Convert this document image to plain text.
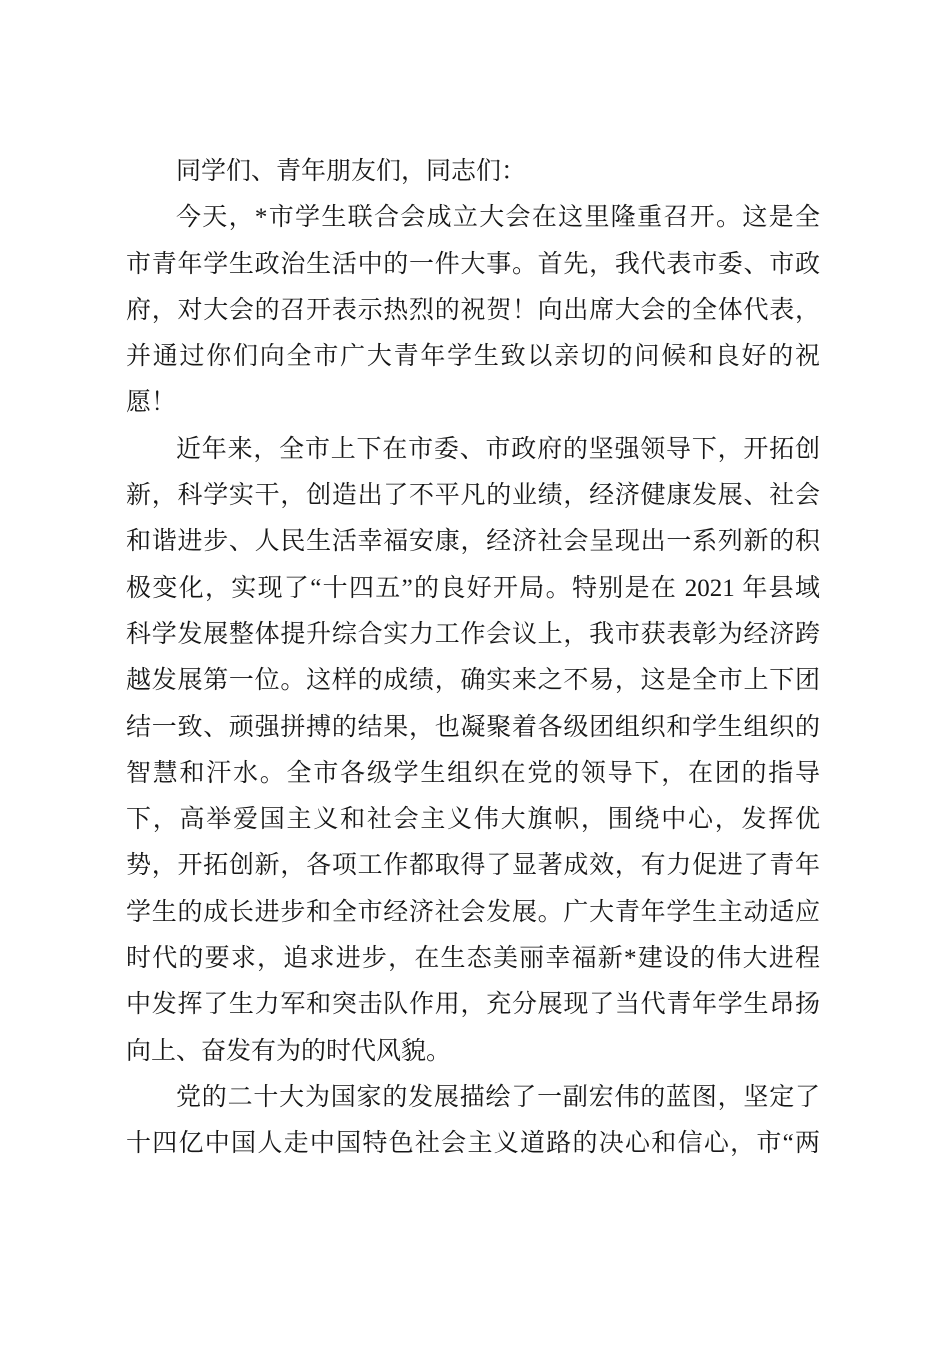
同学们、青年朋友们，同志们：
今天，*市学生联合会成立大会在这里隆重召开。这是全
市青年学生政治生活中的一件大事。首先，我代表市委、市政
府，对大会的召开表示热烈的祝贺！向出席大会的全体代表，
并通过你们向全市广大青年学生致以亲切的问候和良好的祝
愿！
近年来，全市上下在市委、市政府的坚强领导下，开拓创
新，科学实干，创造出了不平凡的业绩，经济健康发展、社会
和谐进步、人民生活幸福安康，经济社会呈现出一系列新的积
极变化，实现了“十四五”的良好开局。特别是在 2021 年县域
科学发展整体提升综合实力工作会议上，我市获表彰为经济跨
越发展第一位。这样的成绩，确实来之不易，这是全市上下团
结一致、顽强拼搏的结果，也凝聚着各级团组织和学生组织的
智慧和汗水。全市各级学生组织在党的领导下，在团的指导
下，高举爱国主义和社会主义伟大旗帜，围绕中心，发挥优
势，开拓创新，各项工作都取得了显著成效，有力促进了青年
学生的成长进步和全市经济社会发展。广大青年学生主动适应
时代的要求，追求进步，在生态美丽幸福新*建设的伟大进程
中发挥了生力军和突击队作用，充分展现了当代青年学生昂扬
向上、奋发有为的时代风貌。
党的二十大为国家的发展描绘了一副宏伟的蓝图，坚定了
十四亿中国人走中国特色社会主义道路的决心和信心，市“两
